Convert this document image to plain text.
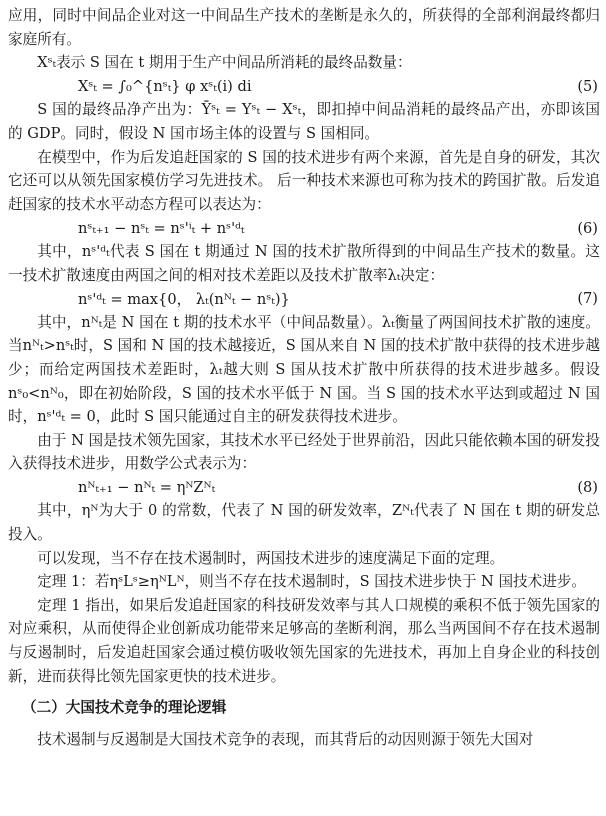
应用，同时中间品企业对这一中间品生产技术的垄断是永久的，所获得的全部利润最终都归家庭所有。

Xˢₜ表示 S 国在 t 期用于生产中间品所消耗的最终品数量：

Xˢₜ = ∫₀^{nˢₜ} φ xˢₜ(i) di	(5)

S 国的最终品净产出为：Ȳˢₜ = Yˢₜ − Xˢₜ，即扣掉中间品消耗的最终品产出，亦即该国的 GDP。同时，假设 N 国市场主体的设置与 S 国相同。

在模型中，作为后发追赶国家的 S 国的技术进步有两个来源，首先是自身的研发，其次它还可以从领先国家模仿学习先进技术。 后一种技术来源也可称为技术的跨国扩散。后发追赶国家的技术水平动态方程可以表达为：

nˢₜ₊₁ − nˢₜ = nˢ'ⁱₜ + nˢ'ᵈₜ	(6)

其中，nˢ'ᵈₜ代表 S 国在 t 期通过 N 国的技术扩散所得到的中间品生产技术的数量。这一技术扩散速度由两国之间的相对技术差距以及技术扩散率λₜ决定：

nˢ'ᵈₜ = max{0， λₜ(nᴺₜ − nˢₜ)}	(7)

其中，nᴺₜ是 N 国在 t 期的技术水平（中间品数量）。λₜ衡量了两国间技术扩散的速度。当nᴺₜ>nˢₜ时，S 国和 N 国的技术越接近，S 国从来自 N 国的技术扩散中获得的技术进步越少；而给定两国技术差距时，λₜ越大则 S 国从技术扩散中所获得的技术进步越多。假设nˢ₀<nᴺ₀，即在初始阶段，S 国的技术水平低于 N 国。当 S 国的技术水平达到或超过 N 国时，nˢ'ᵈₜ = 0，此时 S 国只能通过自主的研发获得技术进步。

由于 N 国是技术领先国家，其技术水平已经处于世界前沿，因此只能依赖本国的研发投入获得技术进步，用数学公式表示为：

nᴺₜ₊₁ − nᴺₜ = ηᴺZᴺₜ	(8)

其中，ηᴺ为大于 0 的常数，代表了 N 国的研发效率，Zᴺₜ代表了 N 国在 t 期的研发总投入。

可以发现，当不存在技术遏制时，两国技术进步的速度满足下面的定理。

定理 1：若ηˢLˢ≥ηᴺLᴺ，则当不存在技术遏制时，S 国技术进步快于 N 国技术进步。

定理 1 指出，如果后发追赶国家的科技研发效率与其人口规模的乘积不低于领先国家的对应乘积，从而使得企业创新成功能带来足够高的垄断利润，那么当两国间不存在技术遏制与反遏制时，后发追赶国家会通过模仿吸收领先国家的先进技术，再加上自身企业的科技创新，进而获得比领先国家更快的技术进步。

（二）大国技术竞争的理论逻辑

技术遏制与反遏制是大国技术竞争的表现，而其背后的动因则源于领先大国对
